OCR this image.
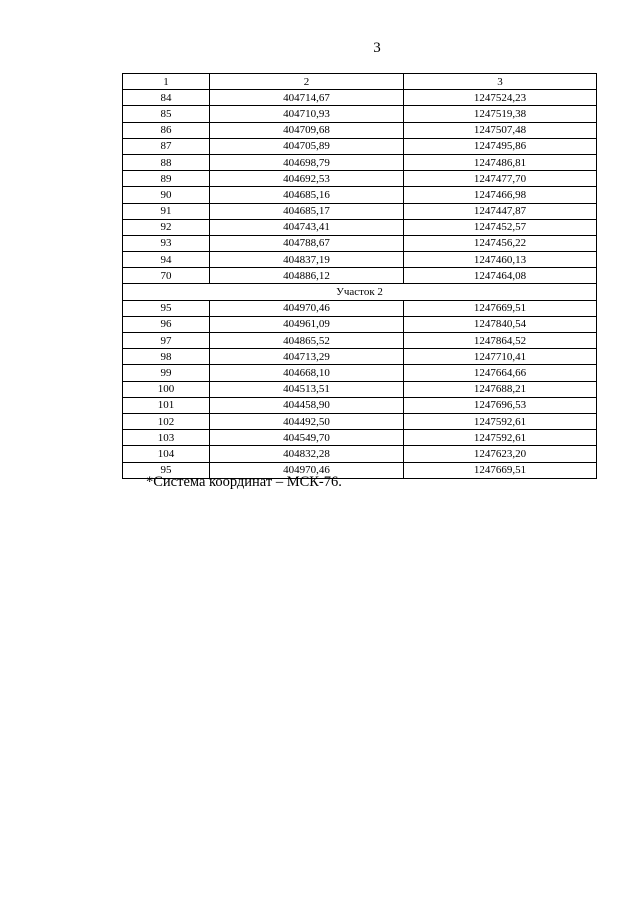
3
1	2	3
84	404714,67	1247524,23
85	404710,93	1247519,38
86	404709,68	1247507,48
87	404705,89	1247495,86
88	404698,79	1247486,81
89	404692,53	1247477,70
90	404685,16	1247466,98
91	404685,17	1247447,87
92	404743,41	1247452,57
93	404788,67	1247456,22
94	404837,19	1247460,13
70	404886,12	1247464,08
Участок 2		
95	404970,46	1247669,51
96	404961,09	1247840,54
97	404865,52	1247864,52
98	404713,29	1247710,41
99	404668,10	1247664,66
100	404513,51	1247688,21
101	404458,90	1247696,53
102	404492,50	1247592,61
103	404549,70	1247592,61
104	404832,28	1247623,20
95	404970,46	1247669,51
*Система координат – МСК-76.
